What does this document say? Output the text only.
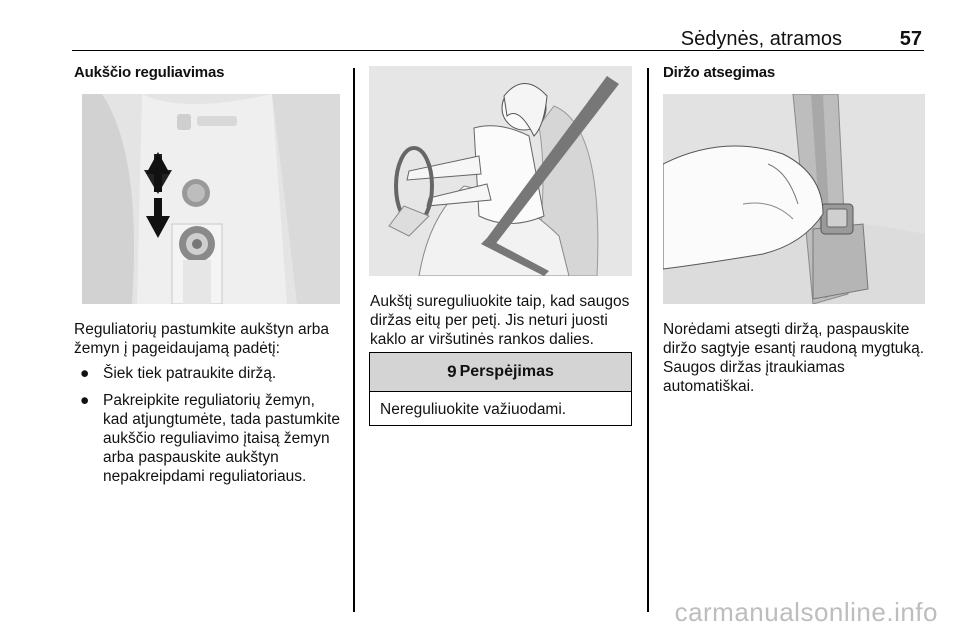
Sėdynės, atramos	57
Aukščio reguliavimas

Reguliatorių pastumkite aukštyn arba žemyn į pageidaujamą padėtį:

● Šiek tiek patraukite diržą.
● Pakreipkite reguliatorių žemyn, kad atjungtumėte, tada pastumkite aukščio reguliavimo įtaisą žemyn arba paspauskite aukštyn nepakreipdami reguliatoriaus.

Aukštį sureguliuokite taip, kad saugos diržas eitų per petį. Jis neturi juosti kaklo ar viršutinės rankos dalies.

9 Perspėjimas
Nereguliuokite važiuodami.
Diržo atsegimas

Norėdami atsegti diržą, paspauskite diržo sagtyje esantį raudoną mygtuką. Saugos diržas įtraukiamas automatiškai.

carmanualsonline.info
